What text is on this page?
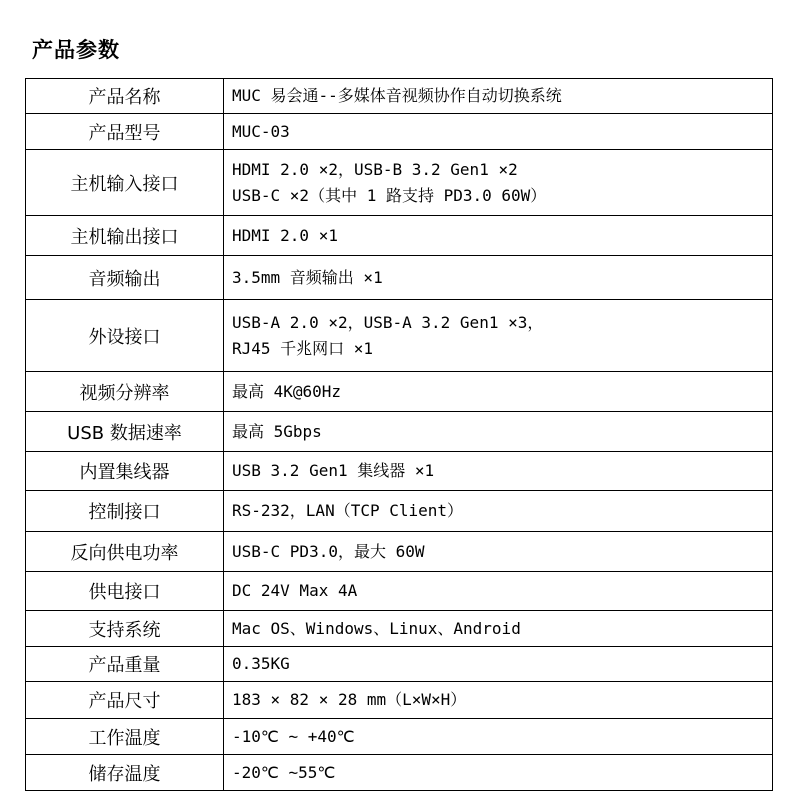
产品参数
产品名称	MUC 易会通--多媒体音视频协作自动切换系统

产品型号	MUC-03

主机输入接口	HDMI 2.0 ×2，USB-B 3.2 Gen1 ×2
USB-C ×2（其中 1 路支持 PD3.0 60W）

主机输出接口	HDMI 2.0 ×1

音频输出	3.5mm 音频输出 ×1

外设接口	USB-A 2.0 ×2，USB-A 3.2 Gen1 ×3，
RJ45 千兆网口 ×1

视频分辨率	最高 4K@60Hz

USB 数据速率	最高 5Gbps

内置集线器	USB 3.2 Gen1 集线器 ×1

控制接口	RS-232，LAN（TCP Client）

反向供电功率	USB-C PD3.0，最大 60W

供电接口	DC 24V Max 4A

支持系统	Mac OS、Windows、Linux、Android

产品重量	0.35KG

产品尺寸	183 × 82 × 28 mm（L×W×H）

工作温度	-10℃ ~ +40℃

储存温度	-20℃ ~55℃
